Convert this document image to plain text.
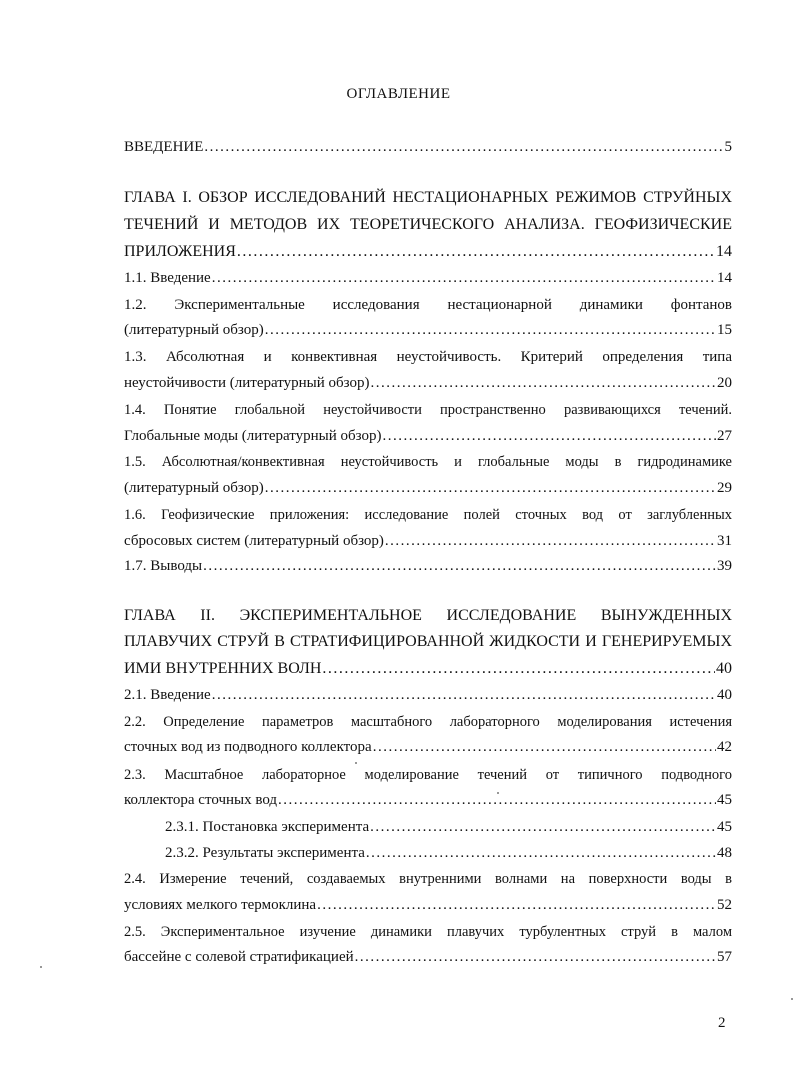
ОГЛАВЛЕНИЕ
ВВЕДЕНИЕ .....	5
ГЛАВА I. ОБЗОР ИССЛЕДОВАНИЙ НЕСТАЦИОНАРНЫХ РЕЖИМОВ СТРУЙНЫХ
ТЕЧЕНИЙ И МЕТОДОВ ИХ ТЕОРЕТИЧЕСКОГО АНАЛИЗА. ГЕОФИЗИЧЕСКИЕ
ПРИЛОЖЕНИЯ .....	14
1.1. Введение .....	14
1.2. Экспериментальные исследования нестационарной динамики фонтанов
(литературный обзор) .....	15
1.3. Абсолютная и конвективная неустойчивость. Критерий определения типа
неустойчивости (литературный обзор) .....	20
1.4. Понятие глобальной неустойчивости пространственно развивающихся течений.
Глобальные моды (литературный обзор) .....	27
1.5. Абсолютная/конвективная неустойчивость и глобальные моды в гидродинамике
(литературный обзор) .....	29
1.6. Геофизические приложения: исследование полей сточных вод от заглубленных
сбросовых систем (литературный обзор) .....	31
1.7. Выводы .....	39
ГЛАВА II. ЭКСПЕРИМЕНТАЛЬНОЕ ИССЛЕДОВАНИЕ ВЫНУЖДЕННЫХ
ПЛАВУЧИХ СТРУЙ В СТРАТИФИЦИРОВАННОЙ ЖИДКОСТИ И ГЕНЕРИРУЕМЫХ
ИМИ ВНУТРЕННИХ ВОЛН .....	40
2.1. Введение .....	40
2.2. Определение параметров масштабного лабораторного моделирования истечения
сточных вод из подводного коллектора .....	42
2.3. Масштабное лабораторное моделирование течений от типичного подводного
коллектора сточных вод .....	45
2.3.1. Постановка эксперимента .....	45
2.3.2. Результаты эксперимента .....	48
2.4. Измерение течений, создаваемых внутренними волнами на поверхности воды в
условиях мелкого термоклина .....	52
2.5. Экспериментальное изучение динамики плавучих турбулентных струй в малом
бассейне с солевой стратификацией .....	57
2
